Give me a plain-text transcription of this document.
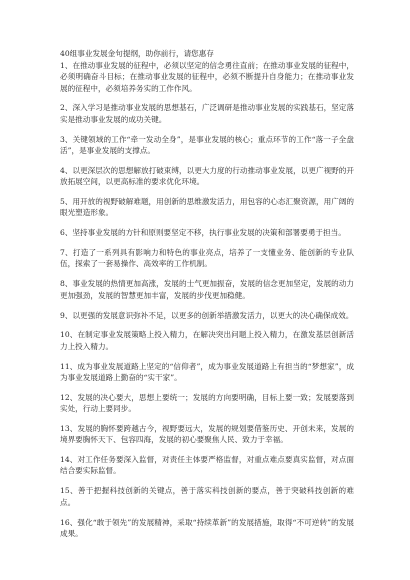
40组事业发展金句提纲，助你前行，请您惠存

1、在推动事业发展的征程中，必须以坚定的信念勇往直前；在推动事业发展的征程中，必须明确奋斗目标；在推动事业发展的征程中，必须不断提升自身能力；在推动事业发展的征程中，必须培养务实的工作作风。

2、深入学习是推动事业发展的思想基石，广泛调研是推动事业发展的实践基石，坚定落实是推动事业发展的成功关键。

3、关键领域的工作“牵一发动全身”，是事业发展的核心；重点环节的工作“落一子全盘活”，是事业发展的支撑点。

4、以更深层次的思想解放打破束缚，以更大力度的行动推动事业发展，以更广视野的开放拓展空间，以更高标准的要求优化环境。

5、用开放的视野破解难题，用创新的思维激发活力，用包容的心态汇聚资源，用广阔的眼光塑造形象。

6、坚持事业发展的方针和原则要坚定不移，执行事业发展的决策和部署要勇于担当。

7、打造了一系列具有影响力和特色的事业亮点，培养了一支懂业务、能创新的专业队伍，探索了一套易操作、高效率的工作机制。

8、事业发展的热情更加高涨，发展的士气更加振奋，发展的信念更加坚定，发展的动力更加强劲，发展的智慧更加丰富，发展的步伐更加稳健。

9、以更强的发展意识弥补不足，以更多的创新举措激发活力，以更大的决心确保成效。

10、在制定事业发展策略上投入精力，在解决突出问题上投入精力，在激发基层创新活力上投入精力。

11、成为事业发展道路上坚定的“信仰者”，成为事业发展道路上有担当的“梦想家”，成为事业发展道路上勤奋的“实干家”。

12、发展的决心要大，思想上要统一；发展的方向要明确，目标上要一致；发展要落到实处，行动上要同步。

13、发展的胸怀要跨越古今，视野要远大，发展的规划要借鉴历史、开创未来，发展的境界要胸怀天下、包容四海，发展的初心要聚焦人民、致力于幸福。

14、对工作任务要深入监督，对责任主体要严格监督，对重点难点要真实监督，对点面结合要实际监督。

15、善于把握科技创新的关键点，善于落实科技创新的要点，善于突破科技创新的难点。

16、强化“敢于领先”的发展精神，采取“持续革新”的发展措施，取得“不可逆转”的发展成果。
